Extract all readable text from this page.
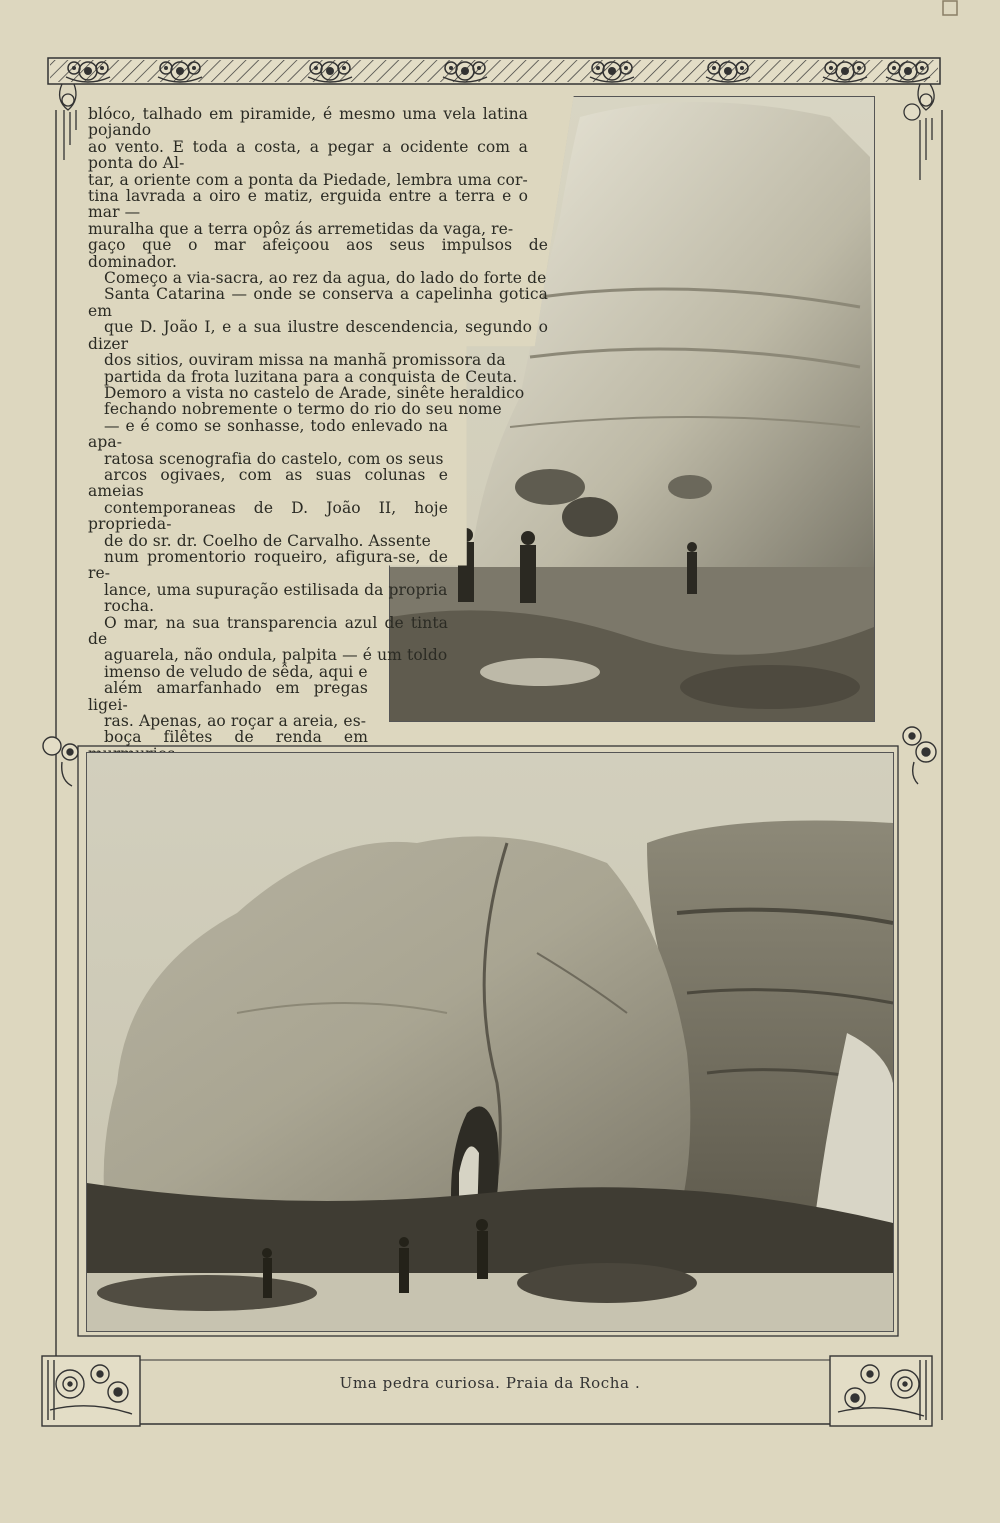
blóco, talhado em piramide, é mesmo uma vela latina pojando
ao vento. E toda a costa, a pegar a ocidente com a ponta do Al-
tar, a oriente com a ponta da Piedade, lembra uma cor-
tina lavrada a oiro e matiz, erguida entre a terra e o mar —
muralha que a terra opôz ás arremetidas da vaga, re-
gaço que o mar afeiçoou aos seus impulsos de dominador.

Começo a via-sacra, ao rez da agua, do lado do forte de
Santa Catarina — onde se conserva a capelinha gotica em
que D. João I, e a sua ilustre descendencia, segundo o dizer
dos sitios, ouviram missa na manhã promissora da
partida da frota luzitana para a conquista de Ceuta.
Demoro a vista no castelo de Arade, sinête heraldico
fechando nobremente o termo do rio do seu nome
— e é como se sonhasse, todo enlevado na apa-
ratosa scenografia do castelo, com os seus
arcos ogivaes, com as suas colunas e ameias
contemporaneas de D. João II, hoje proprieda-
de do sr. dr. Coelho de Carvalho. Assente
num promentorio roqueiro, afigura-se, de re-
lance, uma supuração estilisada da propria
rocha.

O mar, na sua transparencia azul de tinta de
aguarela, não ondula, palpita — é um toldo
imenso de veludo de sêda, aqui e
além amarfanhado em pregas ligei-
ras. Apenas, ao roçar a areia, es-
boça filêtes de renda em

Uma pedra curiosa. Praia da Rocha .
